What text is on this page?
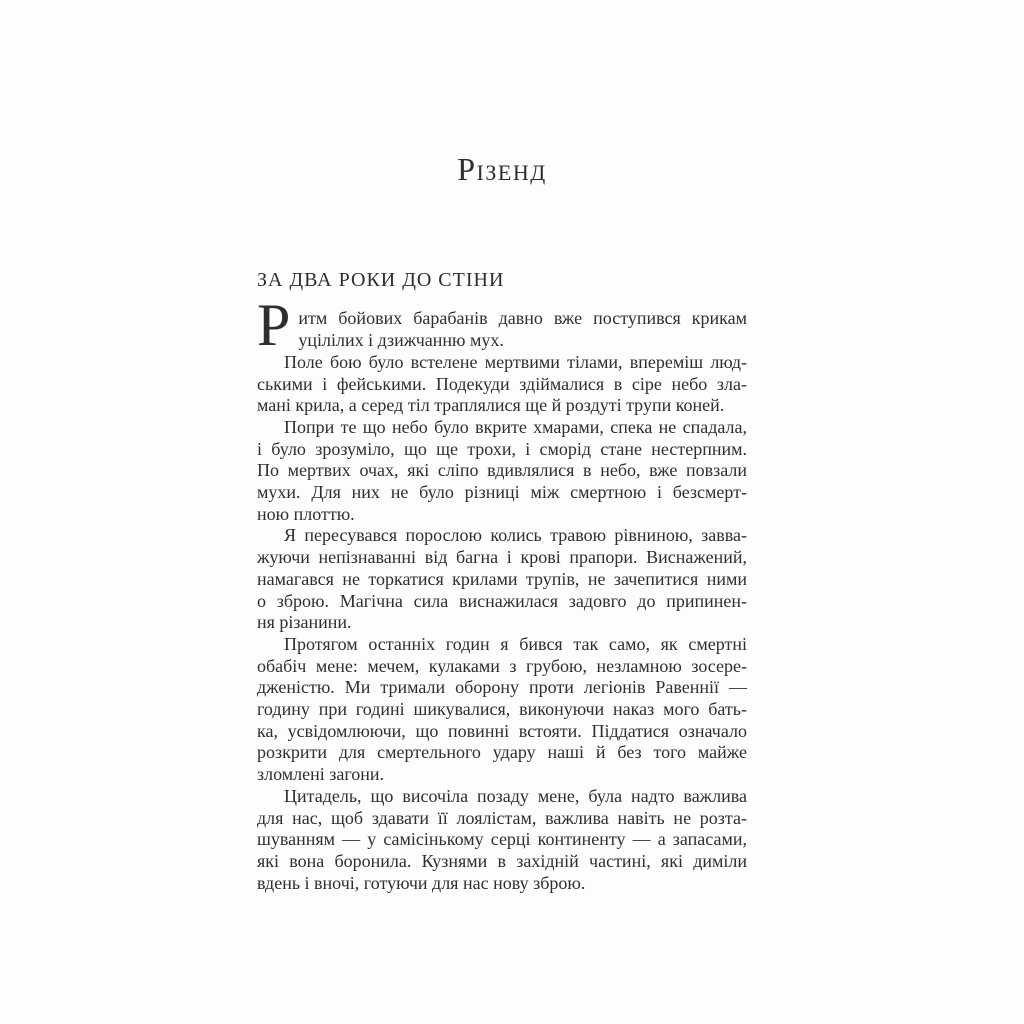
Різенд
ЗА ДВА РОКИ ДО СТІНИ
Р итм бойових барабанів давно вже поступився крикам
уцілілих і дзижчанню мух.
Поле бою було встелене мертвими тілами, впереміш люд-
ськими і фейськими. Подекуди здіймалися в сіре небо зла-
мані крила, а серед тіл траплялися ще й роздуті трупи коней.
Попри те що небо було вкрите хмарами, спека не спадала,
і було зрозуміло, що ще трохи, і сморід стане нестерпним.
По мертвих очах, які сліпо вдивлялися в небо, вже повзали
мухи. Для них не було різниці між смертною і безсмерт-
ною плоттю.
Я пересувався порослою колись травою рівниною, завва-
жуючи непізнаванні від багна і крові прапори. Виснажений,
намагався не торкатися крилами трупів, не зачепитися ними
о зброю. Магічна сила виснажилася задовго до припинен-
ня різанини.
Протягом останніх годин я бився так само, як смертні
обабіч мене: мечем, кулаками з грубою, незламною зосере-
дженістю. Ми тримали оборону проти легіонів Равеннії —
годину при годині шикувалися, виконуючи наказ мого бать-
ка, усвідомлюючи, що повинні встояти. Піддатися означало
розкрити для смертельного удару наші й без того майже
зломлені загони.
Цитадель, що височіла позаду мене, була надто важлива
для нас, щоб здавати її лоялістам, важлива навіть не розта-
шуванням — у самісінькому серці континенту — а запасами,
які вона боронила. Кузнями в західній частині, які диміли
вдень і вночі, готуючи для нас нову зброю.
